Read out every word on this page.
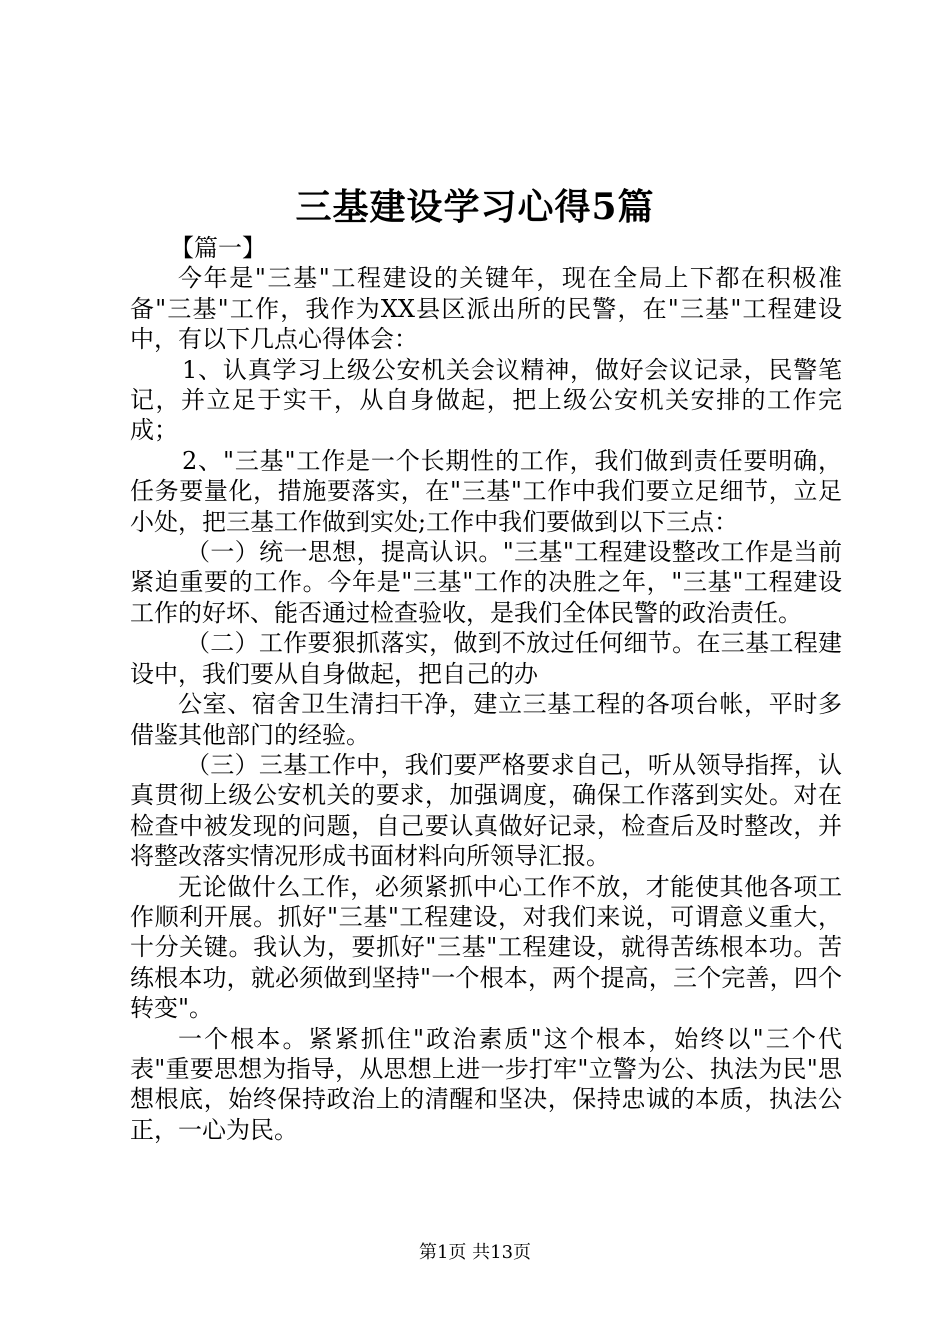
三基建设学习心得5篇

【篇一】

今年是"三基"工程建设的关键年，现在全局上下都在积极准备"三基"工作，我作为XX县区派出所的民警，在"三基"工程建设中，有以下几点心得体会：

1、认真学习上级公安机关会议精神，做好会议记录，民警笔记，并立足于实干，从自身做起，把上级公安机关安排的工作完成；

2、"三基"工作是一个长期性的工作，我们做到责任要明确，任务要量化，措施要落实，在"三基"工作中我们要立足细节，立足小处，把三基工作做到实处;工作中我们要做到以下三点：

（一）统一思想，提高认识。"三基"工程建设整改工作是当前紧迫重要的工作。今年是"三基"工作的决胜之年，"三基"工程建设工作的好坏、能否通过检查验收，是我们全体民警的政治责任。

（二）工作要狠抓落实，做到不放过任何细节。在三基工程建设中，我们要从自身做起，把自己的办

公室、宿舍卫生清扫干净，建立三基工程的各项台帐，平时多借鉴其他部门的经验。

（三）三基工作中，我们要严格要求自己，听从领导指挥，认真贯彻上级公安机关的要求，加强调度，确保工作落到实处。对在检查中被发现的问题，自己要认真做好记录，检查后及时整改，并将整改落实情况形成书面材料向所领导汇报。

无论做什么工作，必须紧抓中心工作不放，才能使其他各项工作顺利开展。抓好"三基"工程建设，对我们来说，可谓意义重大，十分关键。我认为，要抓好"三基"工程建设，就得苦练根本功。苦练根本功，就必须做到坚持"一个根本，两个提高，三个完善，四个转变"。

一个根本。紧紧抓住"政治素质"这个根本，始终以"三个代表"重要思想为指导，从思想上进一步打牢"立警为公、执法为民"思想根底，始终保持政治上的清醒和坚决，保持忠诚的本质，执法公正，一心为民。

第1页 共13页
